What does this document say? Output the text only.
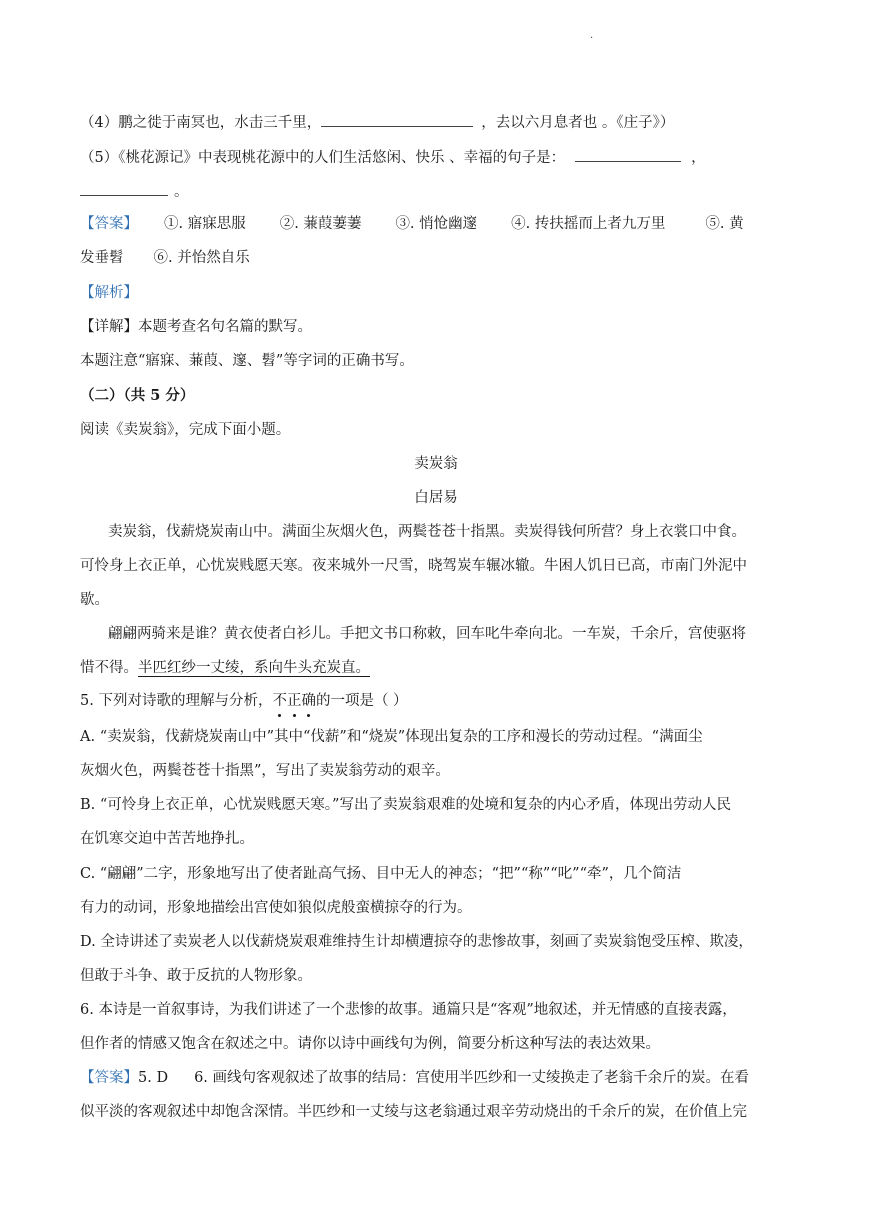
.
（4）鹏之徙于南冥也，水击三千里，	，去以六月息者也 。《庄子》）
（5）《桃花源记》中表现桃花源中的人们生活悠闲、快乐 、幸福的句子是：	，
。
【答案】 ①. 寤寐思服 ②. 蒹葭萋萋 ③. 悄怆幽邃 ④. 抟扶摇而上者九万里	⑤. 黄
发垂髫 ⑥. 并怡然自乐
【解析】
【详解】本题考查名句名篇的默写。
本题注意“寤寐、蒹葭、邃、髫”等字词的正确书写。
（二）（共 5 分）
阅读《卖炭翁》，完成下面小题。
卖炭翁
白居易
卖炭翁，伐薪烧炭南山中。满面尘灰烟火色，两鬓苍苍十指黑。卖炭得钱何所营？身上衣裳口中食。
可怜身上衣正单，心忧炭贱愿天寒。夜来城外一尺雪，晓驾炭车辗冰辙。牛困人饥日已高，市南门外泥中
歇。
翩翩两骑来是谁？黄衣使者白衫儿。手把文书口称敕，回车叱牛牵向北。一车炭，千余斤，宫使驱将
惜不得。半匹红纱一丈绫，系向牛头充炭直。
5. 下列对诗歌的理解与分析，不正确的一项是（ ）
A. “卖炭翁，伐薪烧炭南山中”其中“伐薪”和“烧炭”体现出复杂的工序和漫长的劳动过程。“满面尘
灰烟火色，两鬓苍苍十指黑”，写出了卖炭翁劳动的艰辛。
B. “可怜身上衣正单，心忧炭贱愿天寒。”写出了卖炭翁艰难的处境和复杂的内心矛盾，体现出劳动人民
在饥寒交迫中苦苦地挣扎。
C. “翩翩”二字，形象地写出了使者趾高气扬、目中无人的神态；“把”“称”“叱”“牵”，几个简洁
有力的动词，形象地描绘出宫使如狼似虎般蛮横掠夺的行为。
D. 全诗讲述了卖炭老人以伐薪烧炭艰难维持生计却横遭掠夺的悲惨故事，刻画了卖炭翁饱受压榨、欺凌，
但敢于斗争、敢于反抗的人物形象。
6. 本诗是一首叙事诗，为我们讲述了一个悲惨的故事。通篇只是“客观”地叙述，并无情感的直接表露，
但作者的情感又饱含在叙述之中。请你以诗中画线句为例，简要分析这种写法的表达效果。
【答案】5. D 6. 画线句客观叙述了故事的结局：宫使用半匹纱和一丈绫换走了老翁千余斤的炭。在看
似平淡的客观叙述中却饱含深情。半匹纱和一丈绫与这老翁通过艰辛劳动烧出的千余斤的炭，在价值上完
